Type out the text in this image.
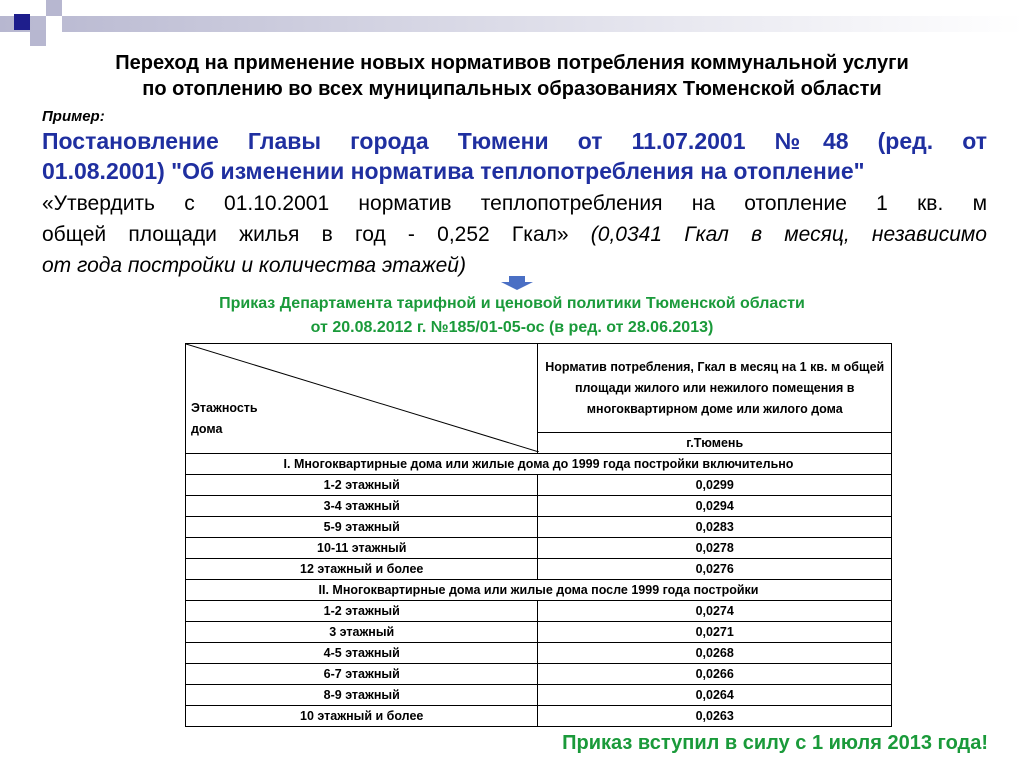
Переход на применение новых нормативов потребления коммунальной услуги
по отоплению во всех муниципальных образованиях Тюменской области
Пример:
Постановление Главы города Тюмени от 11.07.2001 №48 (ред. от
01.08.2001) "Об изменении норматива теплопотребления на отопление"
«Утвердить с 01.10.2001 норматив теплопотребления на отопление 1 кв. м
общей площади жилья в год - 0,252 Гкал» (0,0341 Гкал в месяц, независимо
от года постройки и количества этажей)
Приказ Департамента тарифной и ценовой политики Тюменской области
от 20.08.2012 г. №185/01-05-ос (в ред. от 28.06.2013)
Этажность
дома	Норматив потребления, Гкал в месяц на 1 кв. м общей площади жилого или нежилого помещения в многоквартирном доме или жилого дома
	г.Тюмень
I. Многоквартирные дома или жилые дома до 1999 года постройки включительно	
1-2 этажный	0,0299
3-4 этажный	0,0294
5-9 этажный	0,0283
10-11 этажный	0,0278
12 этажный и более	0,0276
II. Многоквартирные дома или жилые дома после 1999 года постройки	
1-2 этажный	0,0274
3 этажный	0,0271
4-5 этажный	0,0268
6-7 этажный	0,0266
8-9 этажный	0,0264
10 этажный и более	0,0263
Приказ вступил в силу с 1 июля 2013 года!
